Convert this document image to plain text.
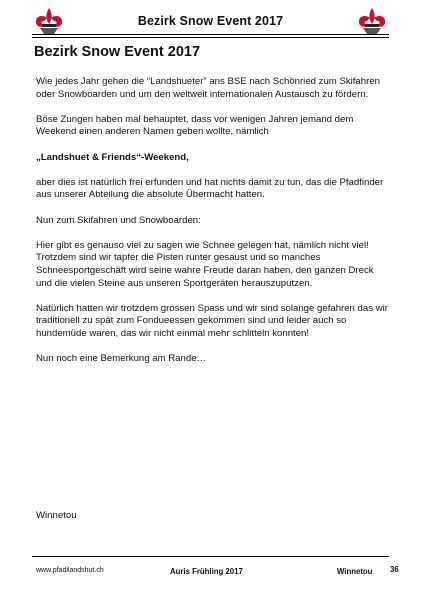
Bezirk Snow Event 2017
Bezirk Snow Event 2017

Wie jedes Jahr gehen die “Landshueter” ans BSE nach Schönried zum Skifahren oder Snowboarden und um den weltweit internationalen Austausch zu fördern.

Böse Zungen haben mal behauptet, dass vor wenigen Jahren jemand dem Weekend einen anderen Namen geben wollte, nämlich

„Landshuet & Friends“-Weekend,

aber dies ist natürlich frei erfunden und hat nichts damit zu tun, das die Pfadfinder aus unserer Abteilung die absolute Übermacht hatten.

Nun zum Skifahren und Snowboarden:

Hier gibt es genauso viel zu sagen wie Schnee gelegen hat, nämlich nicht viel! Trotzdem sind wir tapfer die Pisten runter gesaust und so manches Schneesportgeschäft wird seine wahre Freude daran haben, den ganzen Dreck und die vielen Steine aus unseren Sportgeräten herauszuputzen.

Natürlich hatten wir trotzdem grossen Spass und wir sind solange gefahren das wir traditionell zu spät zum Fondueessen gekommen sind und leider auch so hundemüde waren, das wir nicht einmal mehr schlitteln konnten!

Nun noch eine Bemerkung am Rande…

Winnetou
www.pfadilandshut.ch	Auris Frühling 2017	Winnetou 36
